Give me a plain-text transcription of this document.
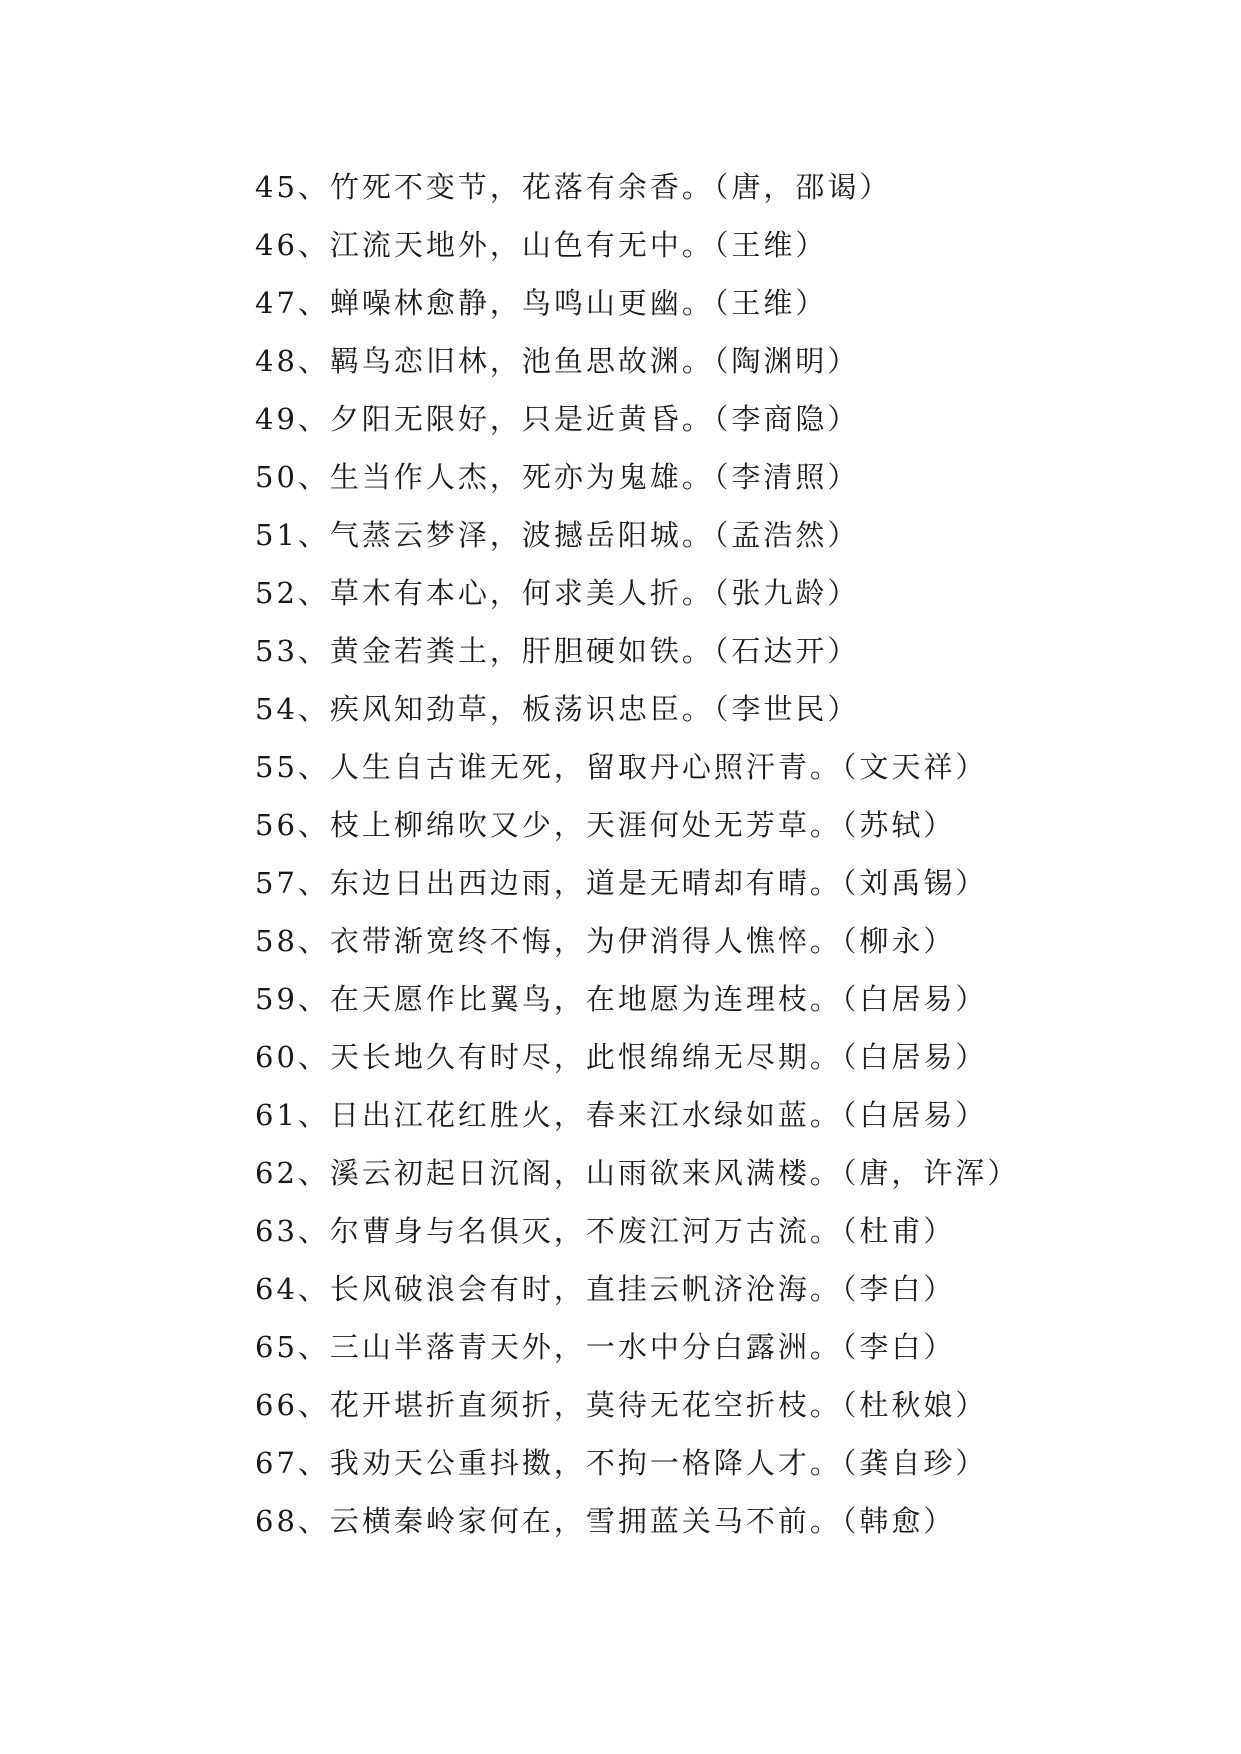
45、竹死不变节，花落有余香。（唐，邵谒）
46、江流天地外，山色有无中。（王维）
47、蝉噪林愈静，鸟鸣山更幽。（王维）
48、羁鸟恋旧林，池鱼思故渊。（陶渊明）
49、夕阳无限好，只是近黄昏。（李商隐）
50、生当作人杰，死亦为鬼雄。（李清照）
51、气蒸云梦泽，波撼岳阳城。（孟浩然）
52、草木有本心，何求美人折。（张九龄）
53、黄金若粪土，肝胆硬如铁。（石达开）
54、疾风知劲草，板荡识忠臣。（李世民）
55、人生自古谁无死，留取丹心照汗青。（文天祥）
56、枝上柳绵吹又少，天涯何处无芳草。（苏轼）
57、东边日出西边雨，道是无晴却有晴。（刘禹锡）
58、衣带渐宽终不悔，为伊消得人憔悴。（柳永）
59、在天愿作比翼鸟，在地愿为连理枝。（白居易）
60、天长地久有时尽，此恨绵绵无尽期。（白居易）
61、日出江花红胜火，春来江水绿如蓝。（白居易）
62、溪云初起日沉阁，山雨欲来风满楼。（唐，许浑）
63、尔曹身与名俱灭，不废江河万古流。（杜甫）
64、长风破浪会有时，直挂云帆济沧海。（李白）
65、三山半落青天外，一水中分白露洲。（李白）
66、花开堪折直须折，莫待无花空折枝。（杜秋娘）
67、我劝天公重抖擞，不拘一格降人才。（龚自珍）
68、云横秦岭家何在，雪拥蓝关马不前。（韩愈）
